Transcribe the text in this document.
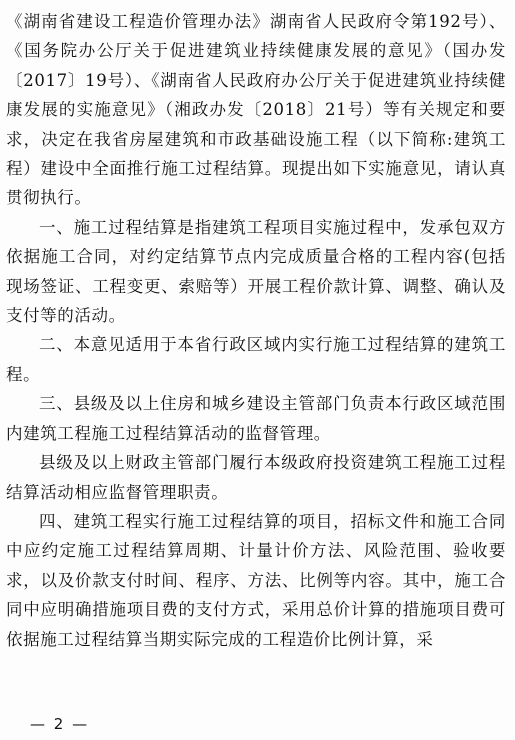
《湖南省建设工程造价管理办法》湖南省人民政府令第192号）、《国务院办公厅关于促进建筑业持续健康发展的意见》（国办发〔2017〕19号）、《湖南省人民政府办公厅关于促进建筑业持续健康发展的实施意见》（湘政办发〔2018〕21号）等有关规定和要求，决定在我省房屋建筑和市政基础设施工程（以下简称:建筑工程）建设中全面推行施工过程结算。现提出如下实施意见，请认真贯彻执行。

一、施工过程结算是指建筑工程项目实施过程中，发承包双方依据施工合同，对约定结算节点内完成质量合格的工程内容(包括现场签证、工程变更、索赔等）开展工程价款计算、调整、确认及支付等的活动。

二、本意见适用于本省行政区域内实行施工过程结算的建筑工程。

三、县级及以上住房和城乡建设主管部门负责本行政区域范围内建筑工程施工过程结算活动的监督管理。

县级及以上财政主管部门履行本级政府投资建筑工程施工过程结算活动相应监督管理职责。

四、建筑工程实行施工过程结算的项目，招标文件和施工合同中应约定施工过程结算周期、计量计价方法、风险范围、验收要求，以及价款支付时间、程序、方法、比例等内容。其中，施工合同中应明确措施项目费的支付方式，采用总价计算的措施项目费可依据施工过程结算当期实际完成的工程造价比例计算，采

— 2 —
